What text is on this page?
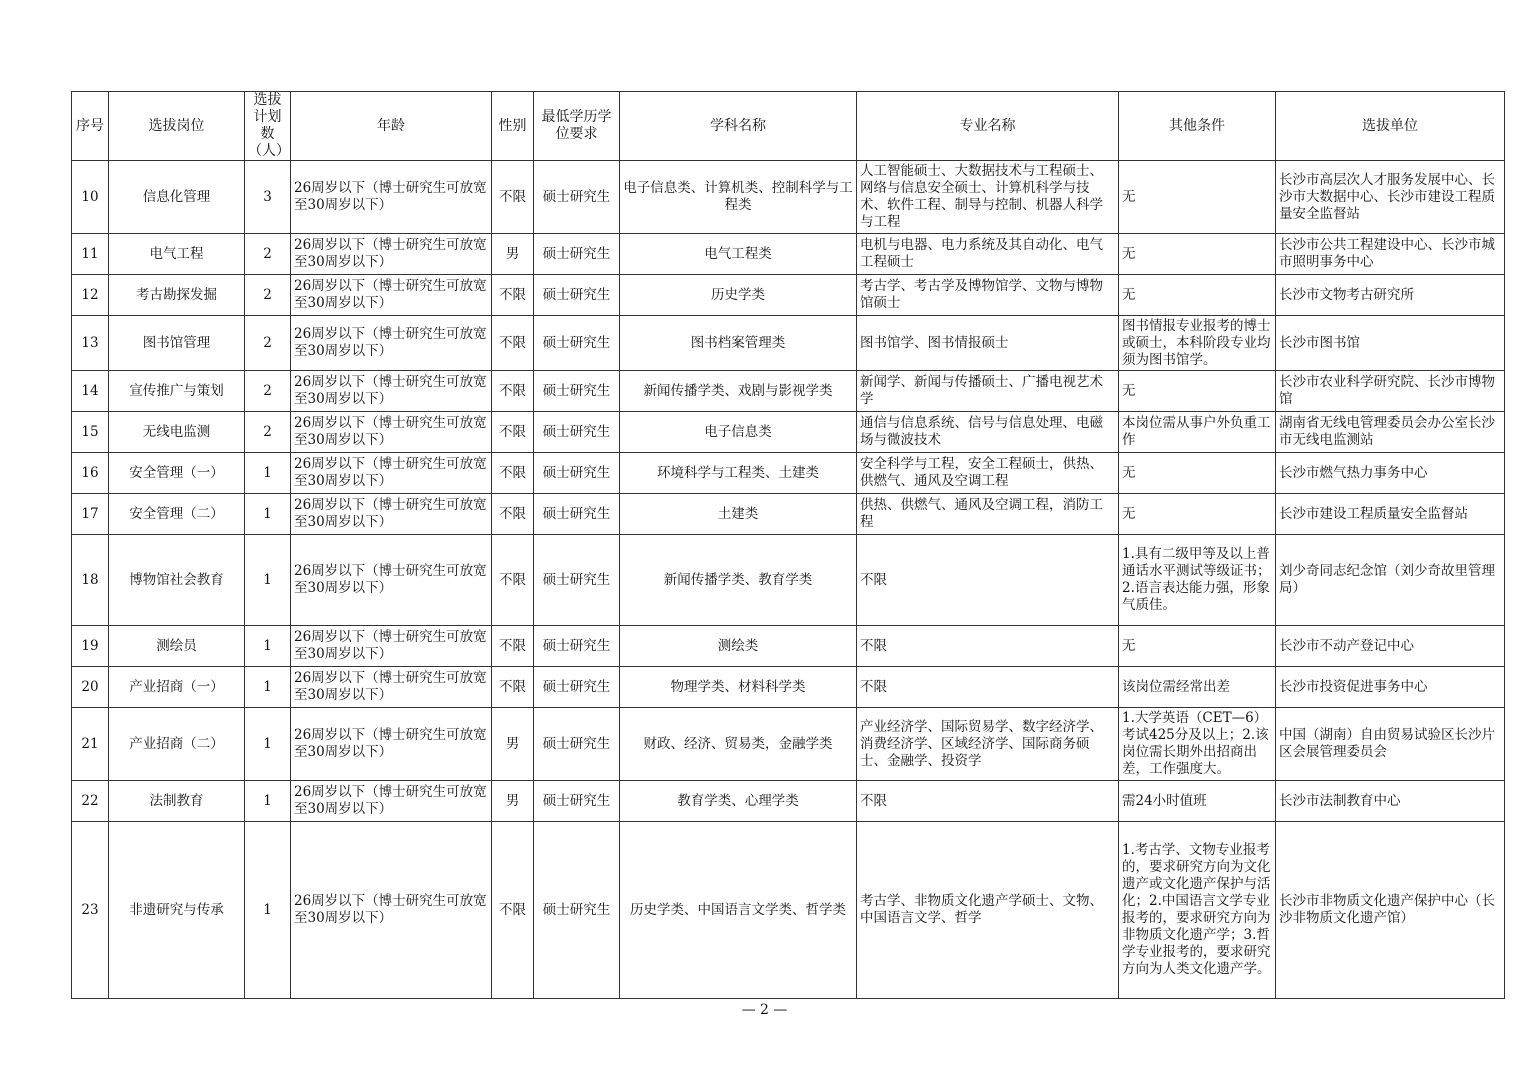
序号	选拔岗位	选拔计划数（人）	年龄	性别	最低学历学位要求	学科名称	专业名称	其他条件	选拔单位
10	信息化管理	3	26周岁以下（博士研究生可放宽至30周岁以下）	不限	硕士研究生	电子信息类、计算机类、控制科学与工程类	人工智能硕士、大数据技术与工程硕士、网络与信息安全硕士、计算机科学与技术、软件工程、制导与控制、机器人科学与工程	无	长沙市高层次人才服务发展中心、长沙市大数据中心、长沙市建设工程质量安全监督站
11	电气工程	2	26周岁以下（博士研究生可放宽至30周岁以下）	男	硕士研究生	电气工程类	电机与电器、电力系统及其自动化、电气工程硕士	无	长沙市公共工程建设中心、长沙市城市照明事务中心
12	考古勘探发掘	2	26周岁以下（博士研究生可放宽至30周岁以下）	不限	硕士研究生	历史学类	考古学、考古学及博物馆学、文物与博物馆硕士	无	长沙市文物考古研究所
13	图书馆管理	2	26周岁以下（博士研究生可放宽至30周岁以下）	不限	硕士研究生	图书档案管理类	图书馆学、图书情报硕士	图书情报专业报考的博士或硕士，本科阶段专业均须为图书馆学。	长沙市图书馆
14	宣传推广与策划	2	26周岁以下（博士研究生可放宽至30周岁以下）	不限	硕士研究生	新闻传播学类、戏剧与影视学类	新闻学、新闻与传播硕士、广播电视艺术学	无	长沙市农业科学研究院、长沙市博物馆
15	无线电监测	2	26周岁以下（博士研究生可放宽至30周岁以下）	不限	硕士研究生	电子信息类	通信与信息系统、信号与信息处理、电磁场与微波技术	本岗位需从事户外负重工作	湖南省无线电管理委员会办公室长沙市无线电监测站
16	安全管理（一）	1	26周岁以下（博士研究生可放宽至30周岁以下）	不限	硕士研究生	环境科学与工程类、土建类	安全科学与工程，安全工程硕士，供热、供燃气、通风及空调工程	无	长沙市燃气热力事务中心
17	安全管理（二）	1	26周岁以下（博士研究生可放宽至30周岁以下）	不限	硕士研究生	土建类	供热、供燃气、通风及空调工程，消防工程	无	长沙市建设工程质量安全监督站
18	博物馆社会教育	1	26周岁以下（博士研究生可放宽至30周岁以下）	不限	硕士研究生	新闻传播学类、教育学类	不限	1.具有二级甲等及以上普通话水平测试等级证书；2.语言表达能力强，形象气质佳。	刘少奇同志纪念馆（刘少奇故里管理局）
19	测绘员	1	26周岁以下（博士研究生可放宽至30周岁以下）	不限	硕士研究生	测绘类	不限	无	长沙市不动产登记中心
20	产业招商（一）	1	26周岁以下（博士研究生可放宽至30周岁以下）	不限	硕士研究生	物理学类、材料科学类	不限	该岗位需经常出差	长沙市投资促进事务中心
21	产业招商（二）	1	26周岁以下（博士研究生可放宽至30周岁以下）	男	硕士研究生	财政、经济、贸易类，金融学类	产业经济学、国际贸易学、数字经济学、消费经济学、区域经济学、国际商务硕士、金融学、投资学	1.大学英语（CET—6）考试425分及以上；2.该岗位需长期外出招商出差，工作强度大。	中国（湖南）自由贸易试验区长沙片区会展管理委员会
22	法制教育	1	26周岁以下（博士研究生可放宽至30周岁以下）	男	硕士研究生	教育学类、心理学类	不限	需24小时值班	长沙市法制教育中心
23	非遗研究与传承	1	26周岁以下（博士研究生可放宽至30周岁以下）	不限	硕士研究生	历史学类、中国语言文学类、哲学类	考古学、非物质文化遗产学硕士、文物、中国语言文学、哲学	1.考古学、文物专业报考的，要求研究方向为文化遗产或文化遗产保护与活化；2.中国语言文学专业报考的，要求研究方向为非物质文化遗产学；3.哲学专业报考的，要求研究方向为人类文化遗产学。	长沙市非物质文化遗产保护中心（长沙非物质文化遗产馆）
— 2 —
